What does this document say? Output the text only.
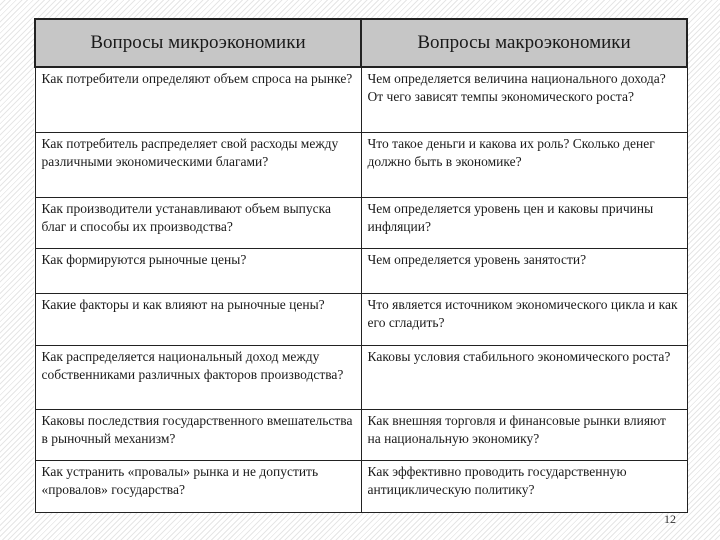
Вопросы микроэкономики	Вопросы макроэкономики
Как потребители определяют объем спроса на рынке?	Чем определяется величина национального дохода? От чего зависят темпы экономического роста?
Как потребитель распределяет свой расходы между различными экономическими благами?	Что такое деньги и какова их роль? Сколько денег должно быть в экономике?
Как производители устанавливают объем выпуска благ и способы их производства?	Чем определяется уровень цен и каковы причины инфляции?
Как формируются рыночные цены?	Чем определяется уровень занятости?
Какие факторы и как влияют на рыночные цены?	Что является источником экономического цикла и как его сгладить?
Как распределяется национальный доход между собственниками различных факторов производства?	Каковы условия стабильного экономического роста?
Каковы последствия государственного вмешательства в рыночный механизм?	Как внешняя торговля и финансовые рынки влияют на национальную экономику?
Как устранить «провалы» рынка и не допустить «провалов» государства?	Как эффективно проводить государственную антициклическую политику?
12
